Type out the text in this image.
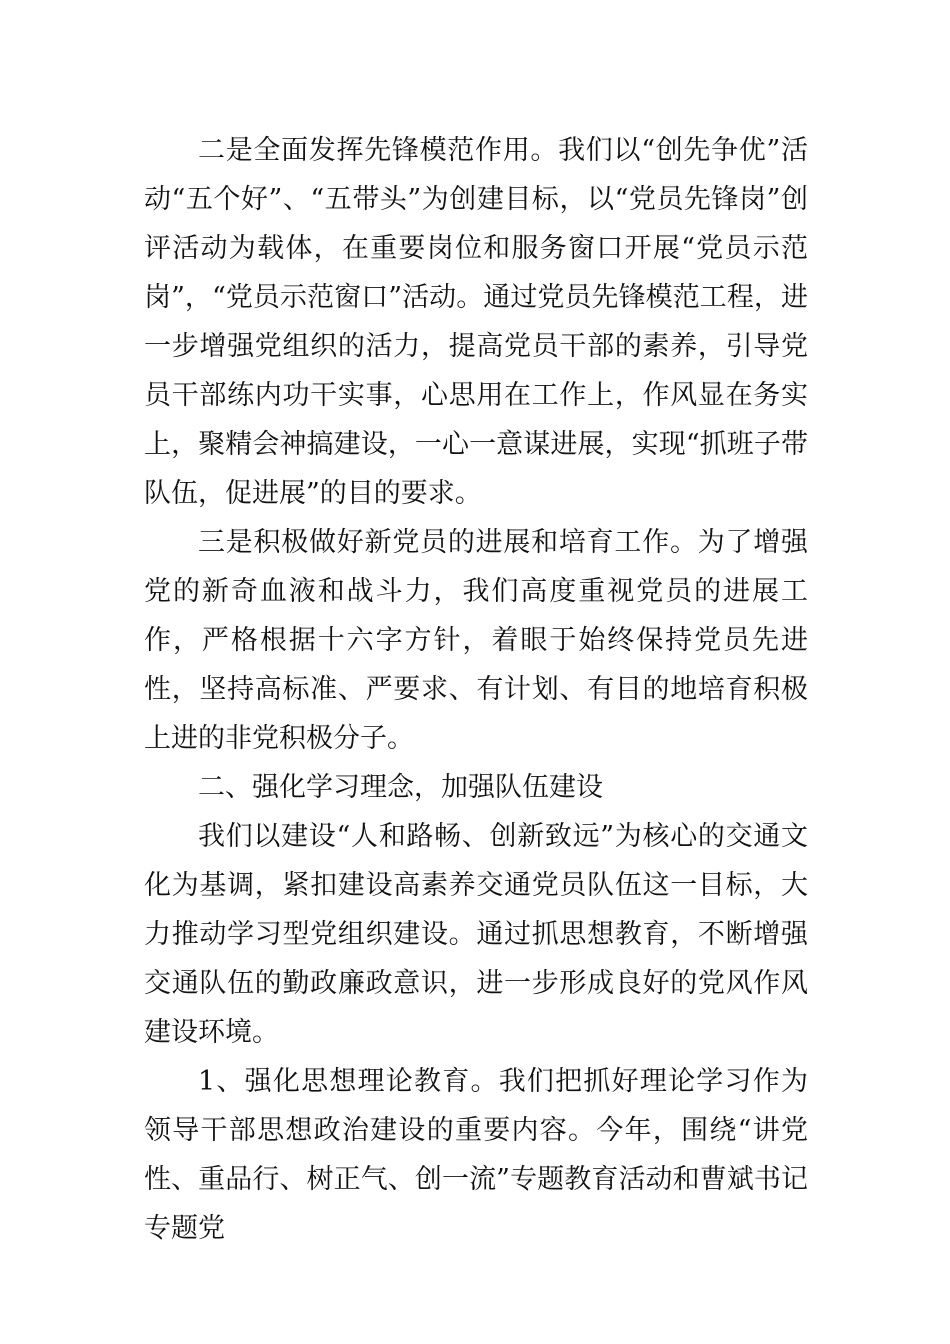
二是全面发挥先锋模范作用。我们以“创先争优”活动“五个好”、“五带头”为创建目标，以“党员先锋岗”创评活动为载体，在重要岗位和服务窗口开展“党员示范岗”，“党员示范窗口”活动。通过党员先锋模范工程，进一步增强党组织的活力，提高党员干部的素养，引导党员干部练内功干实事，心思用在工作上，作风显在务实上，聚精会神搞建设，一心一意谋进展，实现“抓班子带队伍，促进展”的目的要求。

三是积极做好新党员的进展和培育工作。为了增强党的新奇血液和战斗力，我们高度重视党员的进展工作，严格根据十六字方针，着眼于始终保持党员先进性，坚持高标准、严要求、有计划、有目的地培育积极上进的非党积极分子。

二、强化学习理念，加强队伍建设

我们以建设“人和路畅、创新致远”为核心的交通文化为基调，紧扣建设高素养交通党员队伍这一目标，大力推动学习型党组织建设。通过抓思想教育，不断增强交通队伍的勤政廉政意识，进一步形成良好的党风作风建设环境。

1、强化思想理论教育。我们把抓好理论学习作为领导干部思想政治建设的重要内容。今年，围绕“讲党性、重品行、树正气、创一流”专题教育活动和曹斌书记专题党
